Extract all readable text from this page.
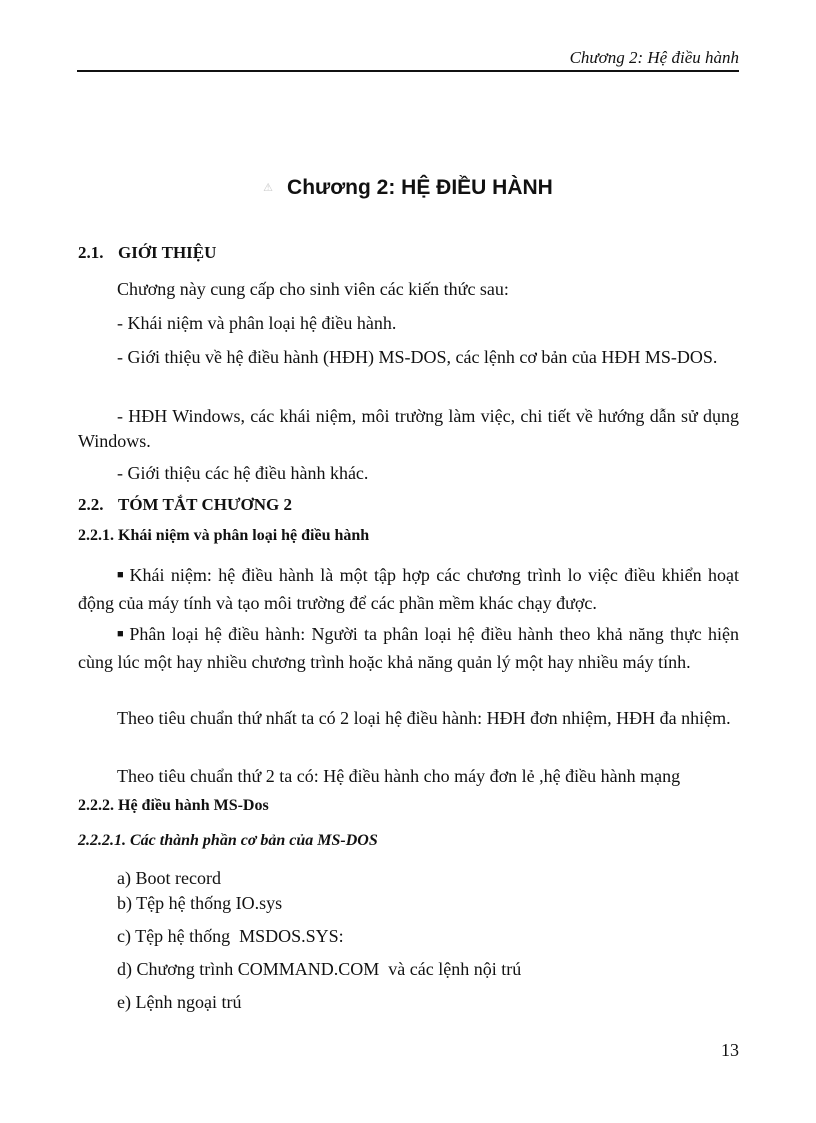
Chương 2: Hệ điều hành
⚠ Chương 2: HỆ ĐIỀU HÀNH
2.1. GIỚI THIỆU
Chương này cung cấp cho sinh viên các kiến thức sau:
- Khái niệm và phân loại hệ điều hành.
- Giới thiệu về hệ điều hành (HĐH) MS-DOS, các lệnh cơ bản của HĐH MS-DOS.
- HĐH Windows, các khái niệm, môi trường làm việc, chi tiết về hướng dẫn sử dụng Windows.
- Giới thiệu các hệ điều hành khác.
2.2. TÓM TẮT CHƯƠNG 2
2.2.1. Khái niệm và phân loại hệ điều hành
■ Khái niệm: hệ điều hành là một tập hợp các chương trình lo việc điều khiển hoạt động của máy tính và tạo môi trường để các phần mềm khác chạy được.
■ Phân loại hệ điều hành: Người ta phân loại hệ điều hành theo khả năng thực hiện cùng lúc một hay nhiều chương trình hoặc khả năng quản lý một hay nhiều máy tính.
Theo tiêu chuẩn thứ nhất ta có 2 loại hệ điều hành: HĐH đơn nhiệm, HĐH đa nhiệm.
Theo tiêu chuẩn thứ 2 ta có: Hệ điều hành cho máy đơn lẻ ,hệ điều hành mạng
2.2.2. Hệ điều hành MS-Dos
2.2.2.1. Các thành phần cơ bản của MS-DOS
a) Boot record
b) Tệp hệ thống IO.sys
c) Tệp hệ thống  MSDOS.SYS:
d) Chương trình COMMAND.COM  và các lệnh nội trú
e) Lệnh ngoại trú
13
